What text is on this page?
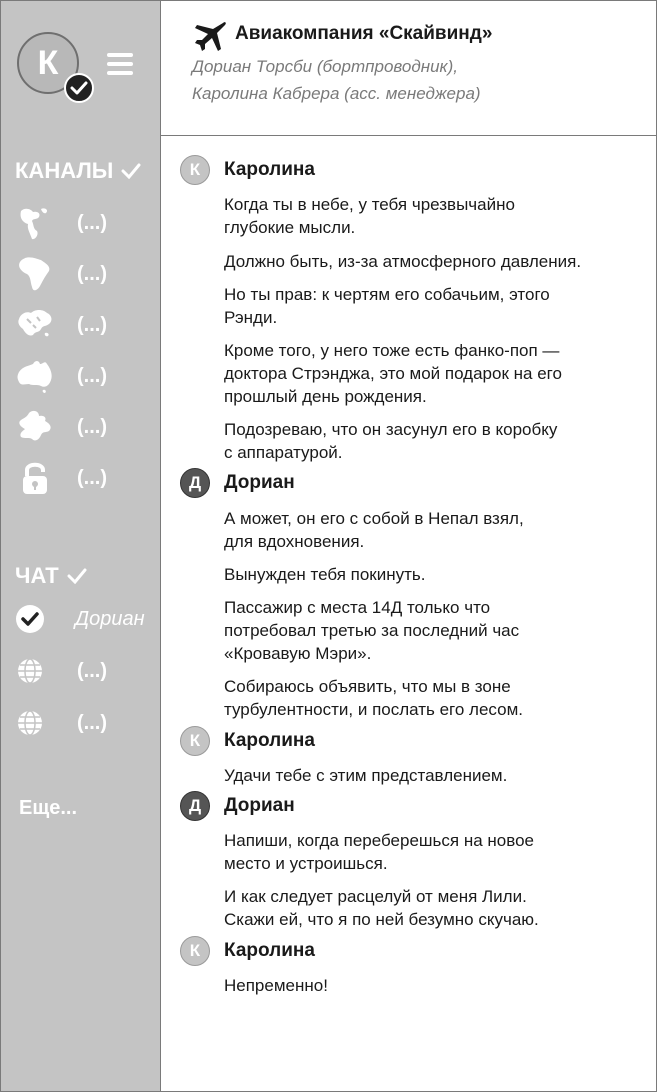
К
КАНАЛЫ
(...)
(...)
(...)
(...)
(...)
(...)
ЧАТ
Дориан
(...)
(...)
Еще...
Авиакомпания «Скайвинд»
Дориан Торсби (бортпроводник),
Каролина Кабрера (асс. менеджера)
К	Каролина
Когда ты в небе, у тебя чрезвычайно
глубокие мысли.
Должно быть, из-за атмосферного давления.
Но ты прав: к чертям его собачьим, этого
Рэнди.
Кроме того, у него тоже есть фанко-поп —
доктора Стрэнджа, это мой подарок на его
прошлый день рождения.
Подозреваю, что он засунул его в коробку
с аппаратурой.
Д	Дориан
А может, он его с собой в Непал взял,
для вдохновения.
Вынужден тебя покинуть.
Пассажир с места 14Д только что
потребовал третью за последний час
«Кровавую Мэри».
Собираюсь объявить, что мы в зоне
турбулентности, и послать его лесом.
К	Каролина
Удачи тебе с этим представлением.
Д	Дориан
Напиши, когда переберешься на новое
место и устроишься.
И как следует расцелуй от меня Лили.
Скажи ей, что я по ней безумно скучаю.
К	Каролина
Непременно!
